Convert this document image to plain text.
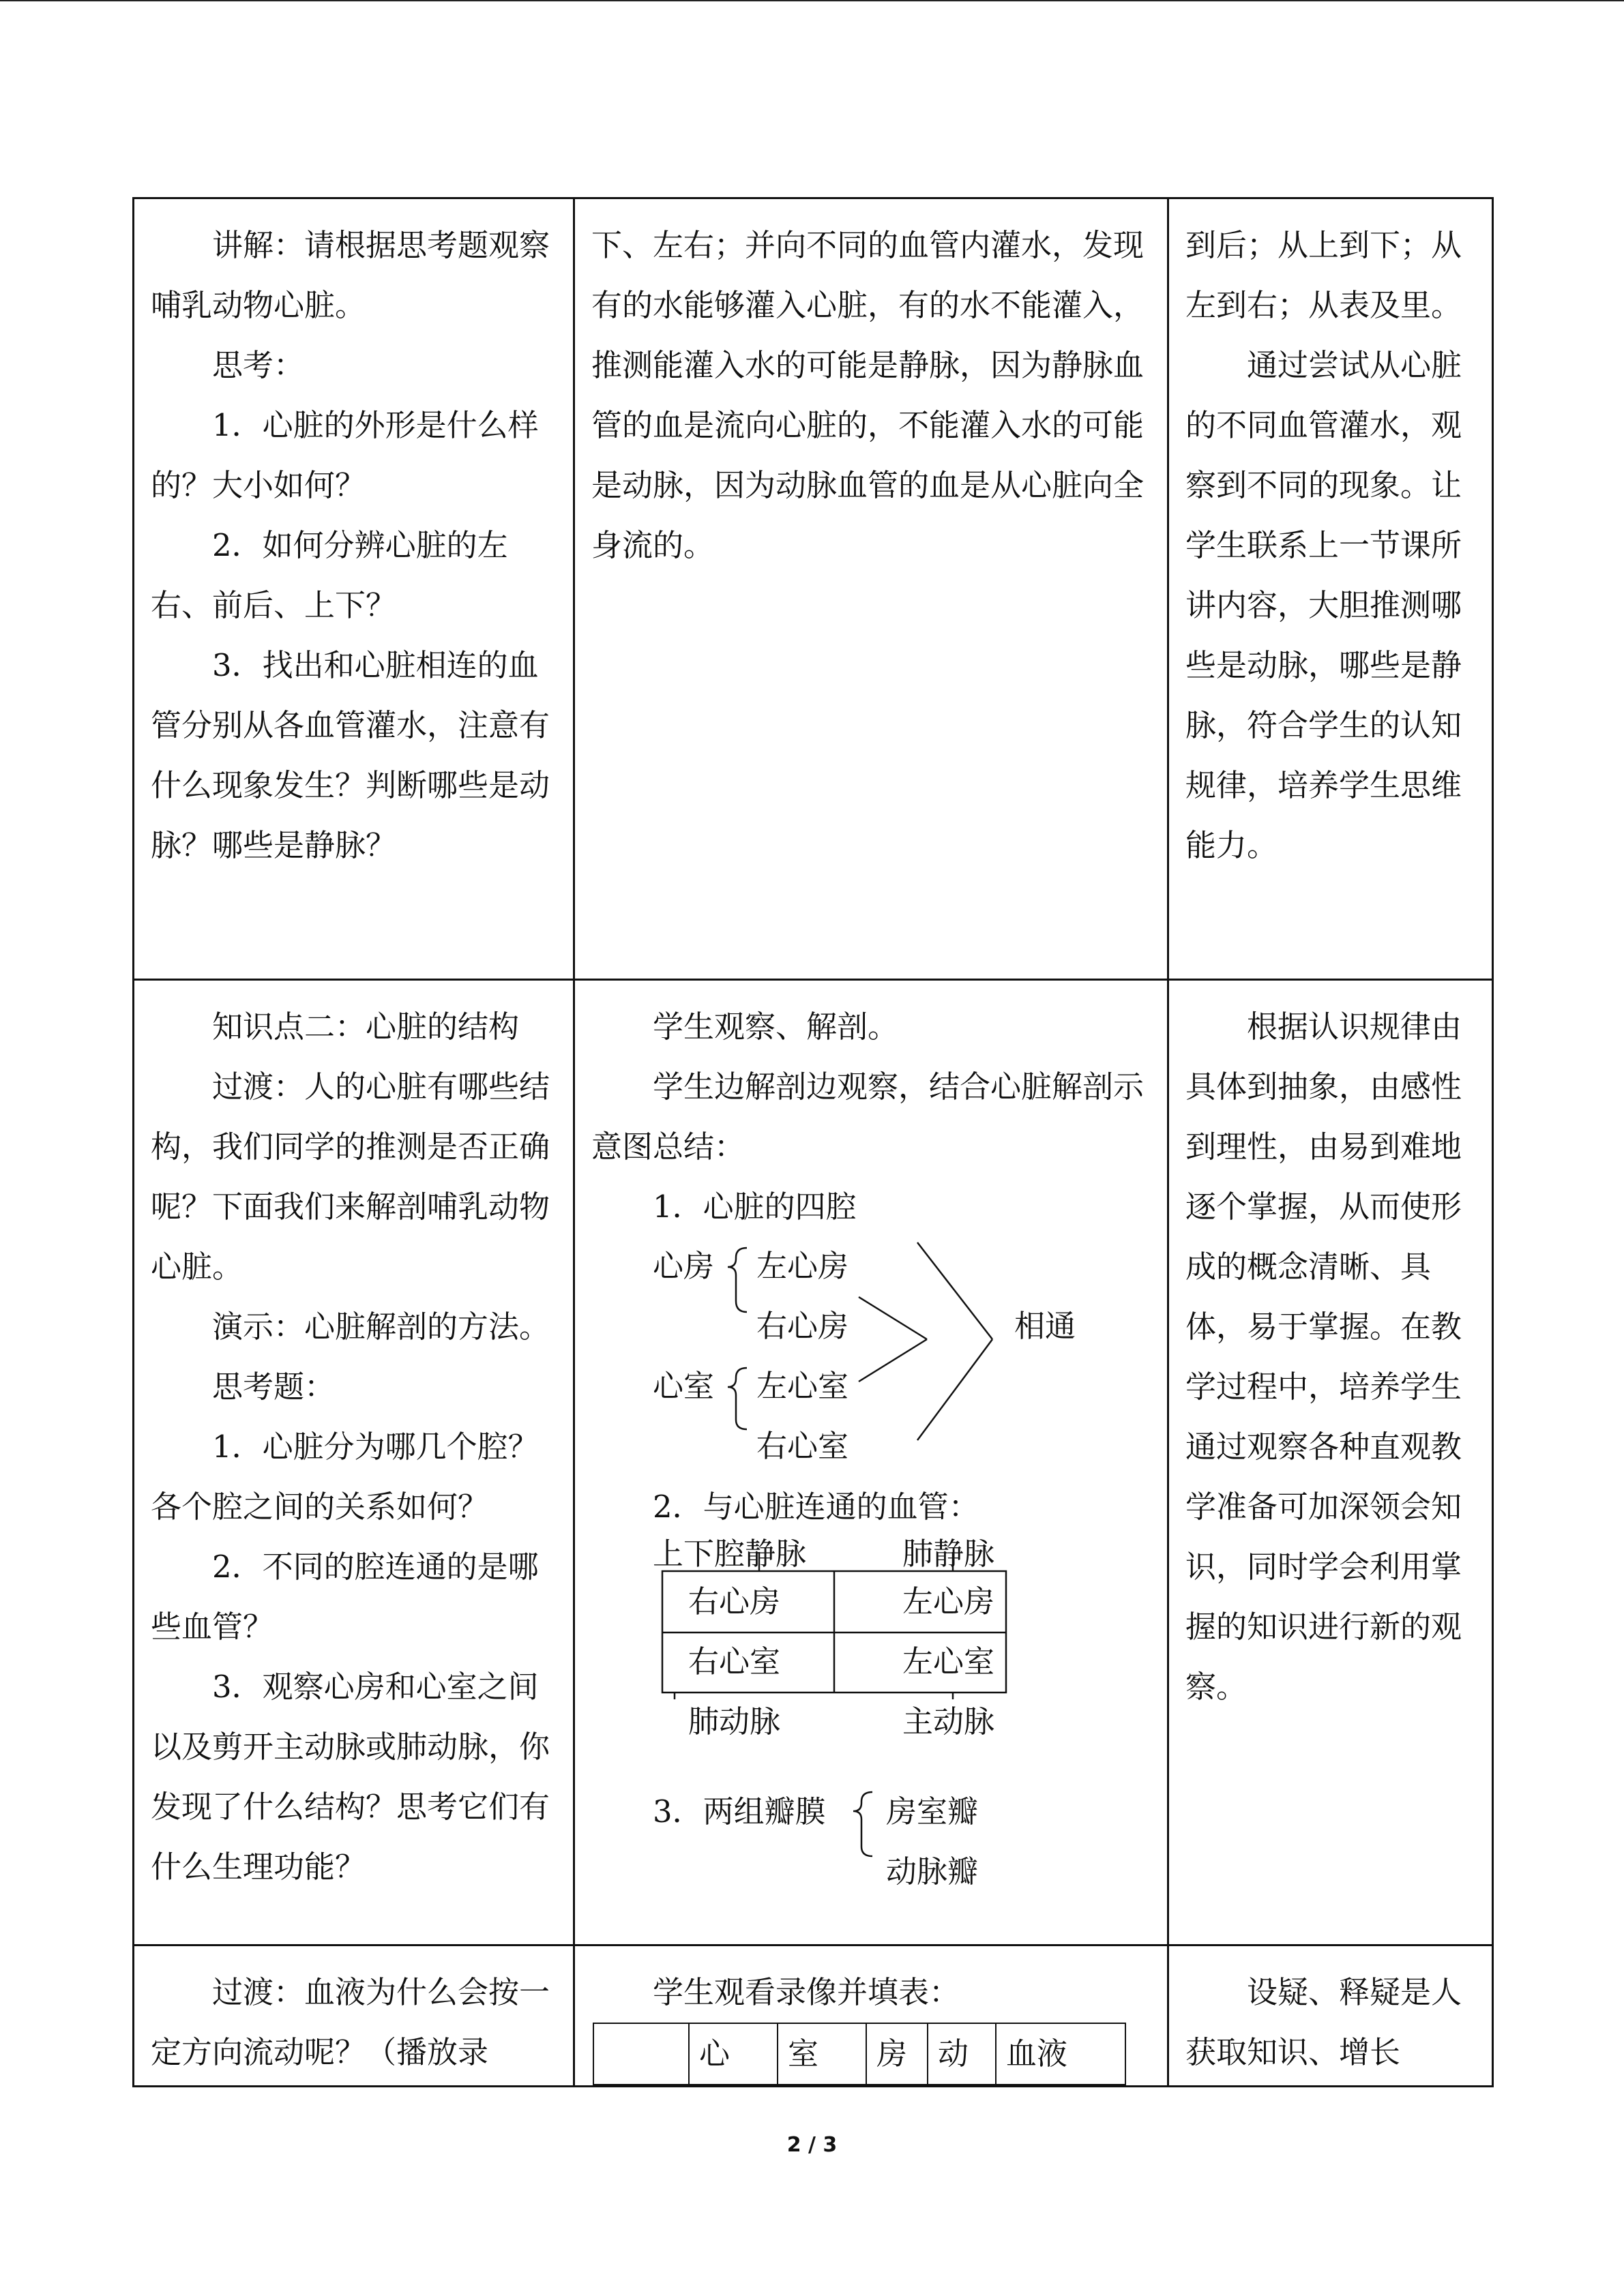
讲解：请根据思考题观察哺乳动物心脏。

思考：

1．心脏的外形是什么样的？大小如何？

2．如何分辨心脏的左右、前后、上下？

3．找出和心脏相连的血管分别从各血管灌水，注意有什么现象发生？判断哪些是动脉？哪些是静脉？

下、左右；并向不同的血管内灌水，发现有的水能够灌入心脏，有的水不能灌入，推测能灌入水的可能是静脉，因为静脉血管的血是流向心脏的，不能灌入水的可能是动脉，因为动脉血管的血是从心脏向全身流的。

到后；从上到下；从左到右；从表及里。

通过尝试从心脏的不同血管灌水，观察到不同的现象。让学生联系上一节课所讲内容，大胆推测哪些是动脉，哪些是静脉，符合学生的认知规律，培养学生思维能力。

知识点二：心脏的结构

过渡：人的心脏有哪些结构，我们同学的推测是否正确呢？下面我们来解剖哺乳动物心脏。

演示：心脏解剖的方法。

思考题：

1．心脏分为哪几个腔？各个腔之间的关系如何？

2．不同的腔连通的是哪些血管？

3．观察心房和心室之间以及剪开主动脉或肺动脉，你发现了什么结构？思考它们有什么生理功能？

学生观察、解剖。

学生边解剖边观察，结合心脏解剖示意图总结：

1．心脏的四腔

心房 左心房
右心房
心室 左心室
右心室
相通

2．与心脏连通的血管：

上下腔静脉	肺静脉
右心房	左心房
右心室	左心室
肺动脉	主动脉
3．两组瓣膜 房室瓣
动脉瓣

根据认识规律由具体到抽象，由感性到理性，由易到难地逐个掌握，从而使形成的概念清晰、具体，易于掌握。在教学过程中，培养学生通过观察各种直观教学准备可加深领会知识，同时学会利用掌握的知识进行新的观察。

过渡：血液为什么会按一定方向流动呢？（播放录

学生观看录像并填表：

	心	室	房	动	血液

设疑、释疑是人获取知识、增长

2 / 3
